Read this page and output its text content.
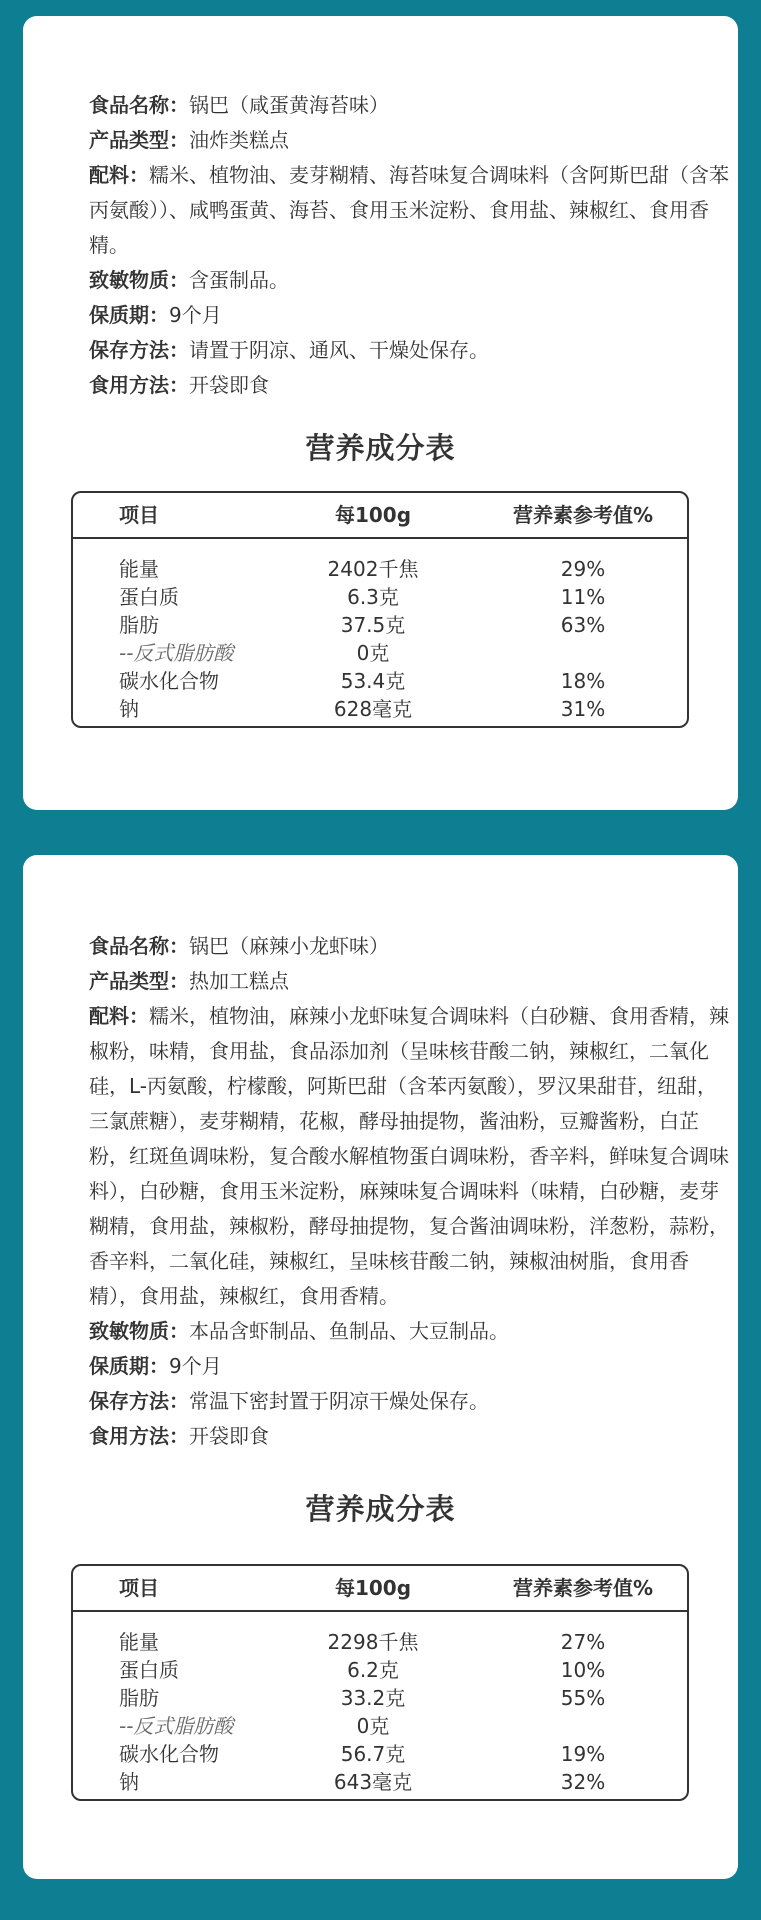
食品名称：锅巴（咸蛋黄海苔味）

产品类型：油炸类糕点

配料：糯米、植物油、麦芽糊精、海苔味复合调味料（含阿斯巴甜（含苯丙氨酸））、咸鸭蛋黄、海苔、食用玉米淀粉、食用盐、辣椒红、食用香精。

致敏物质：含蛋制品。

保质期：9个月

保存方法：请置于阴凉、通风、干燥处保存。

食用方法：开袋即食

营养成分表
项目	每100g	营养素参考值%
能量	2402千焦	29%
蛋白质	6.3克	11%
脂肪	37.5克	63%
--反式脂肪酸	0克
碳水化合物	53.4克	18%
钠	628毫克	31%

食品名称：锅巴（麻辣小龙虾味）

产品类型：热加工糕点

配料：糯米，植物油，麻辣小龙虾味复合调味料（白砂糖、食用香精，辣椒粉，味精，食用盐，食品添加剂（呈味核苷酸二钠，辣椒红，二氧化硅，L-丙氨酸，柠檬酸，阿斯巴甜（含苯丙氨酸），罗汉果甜苷，纽甜，三氯蔗糖），麦芽糊精，花椒，酵母抽提物，酱油粉，豆瓣酱粉，白芷粉，红斑鱼调味粉，复合酸水解植物蛋白调味粉，香辛料，鲜味复合调味料），白砂糖，食用玉米淀粉，麻辣味复合调味料（味精，白砂糖，麦芽糊精，食用盐，辣椒粉，酵母抽提物，复合酱油调味粉，洋葱粉，蒜粉，香辛料，二氧化硅，辣椒红，呈味核苷酸二钠，辣椒油树脂，食用香精），食用盐，辣椒红，食用香精。

致敏物质：本品含虾制品、鱼制品、大豆制品。

保质期：9个月

保存方法：常温下密封置于阴凉干燥处保存。

食用方法：开袋即食

营养成分表
项目	每100g	营养素参考值%
能量	2298千焦	27%
蛋白质	6.2克	10%
脂肪	33.2克	55%
--反式脂肪酸	0克
碳水化合物	56.7克	19%
钠	643毫克	32%
